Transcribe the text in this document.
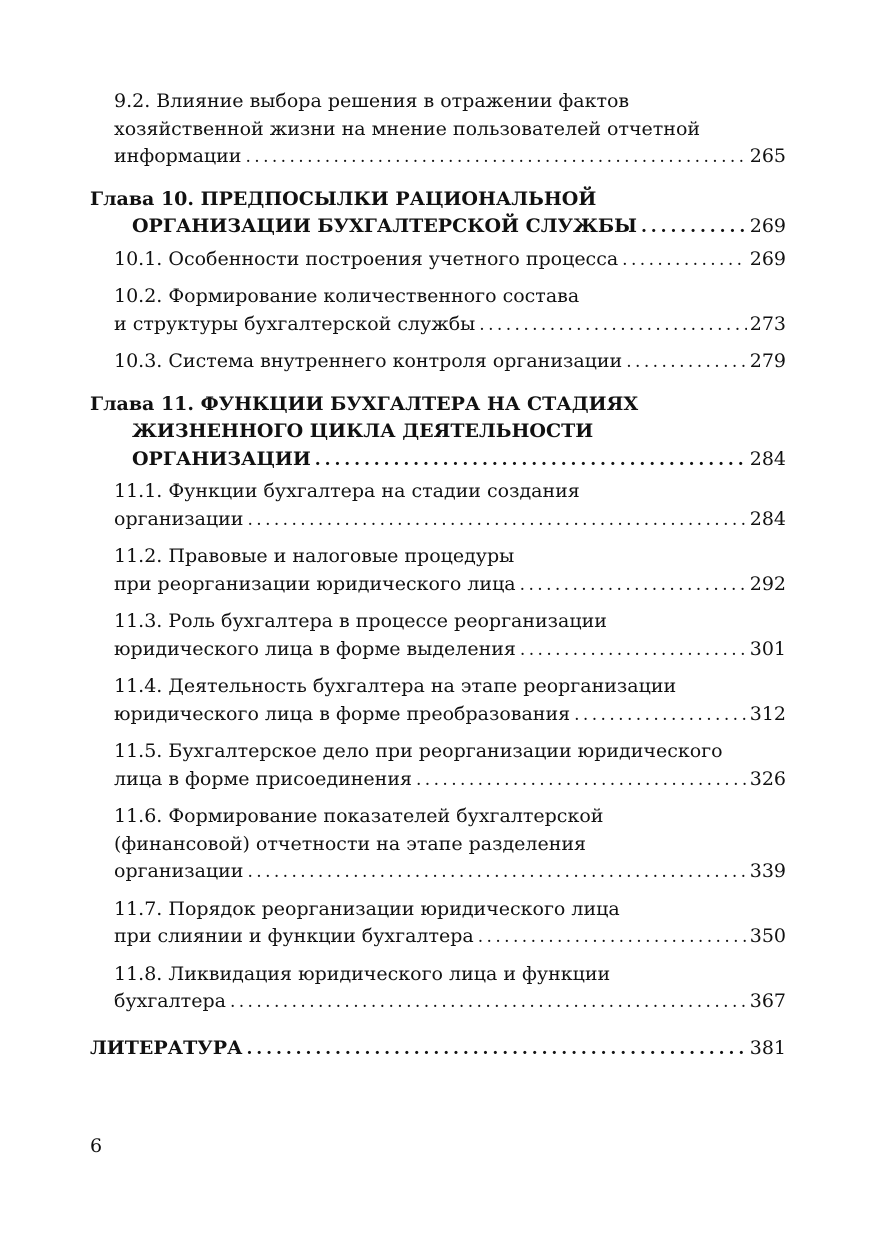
9.2. Влияние выбора решения в отражении фактов
хозяйственной жизни на мнение пользователей отчетной
информации . . .	265
Глава 10. ПРЕДПОСЫЛКИ РАЦИОНАЛЬНОЙ
ОРГАНИЗАЦИИ БУХГАЛТЕРСКОЙ СЛУЖБЫ . . .	269
10.1. Особенности построения учетного процесса . . .	269
10.2. Формирование количественного состава
и структуры бухгалтерской службы . . .	273
10.3. Система внутреннего контроля организации . . .	279
Глава 11. ФУНКЦИИ БУХГАЛТЕРА НА СТАДИЯХ
ЖИЗНЕННОГО ЦИКЛА ДЕЯТЕЛЬНОСТИ
ОРГАНИЗАЦИИ . . .	284
11.1. Функции бухгалтера на стадии создания
организации . . .	284
11.2. Правовые и налоговые процедуры
при реорганизации юридического лица . . .	292
11.3. Роль бухгалтера в процессе реорганизации
юридического лица в форме выделения . . .	301
11.4. Деятельность бухгалтера на этапе реорганизации
юридического лица в форме преобразования . . .	312
11.5. Бухгалтерское дело при реорганизации юридического
лица в форме присоединения . . .	326
11.6. Формирование показателей бухгалтерской
(финансовой) отчетности на этапе разделения
организации . . .	339
11.7. Порядок реорганизации юридического лица
при слиянии и функции бухгалтера . . .	350
11.8. Ликвидация юридического лица и функции
бухгалтера . . .	367
ЛИТЕРАТУРА . . .	381
6
